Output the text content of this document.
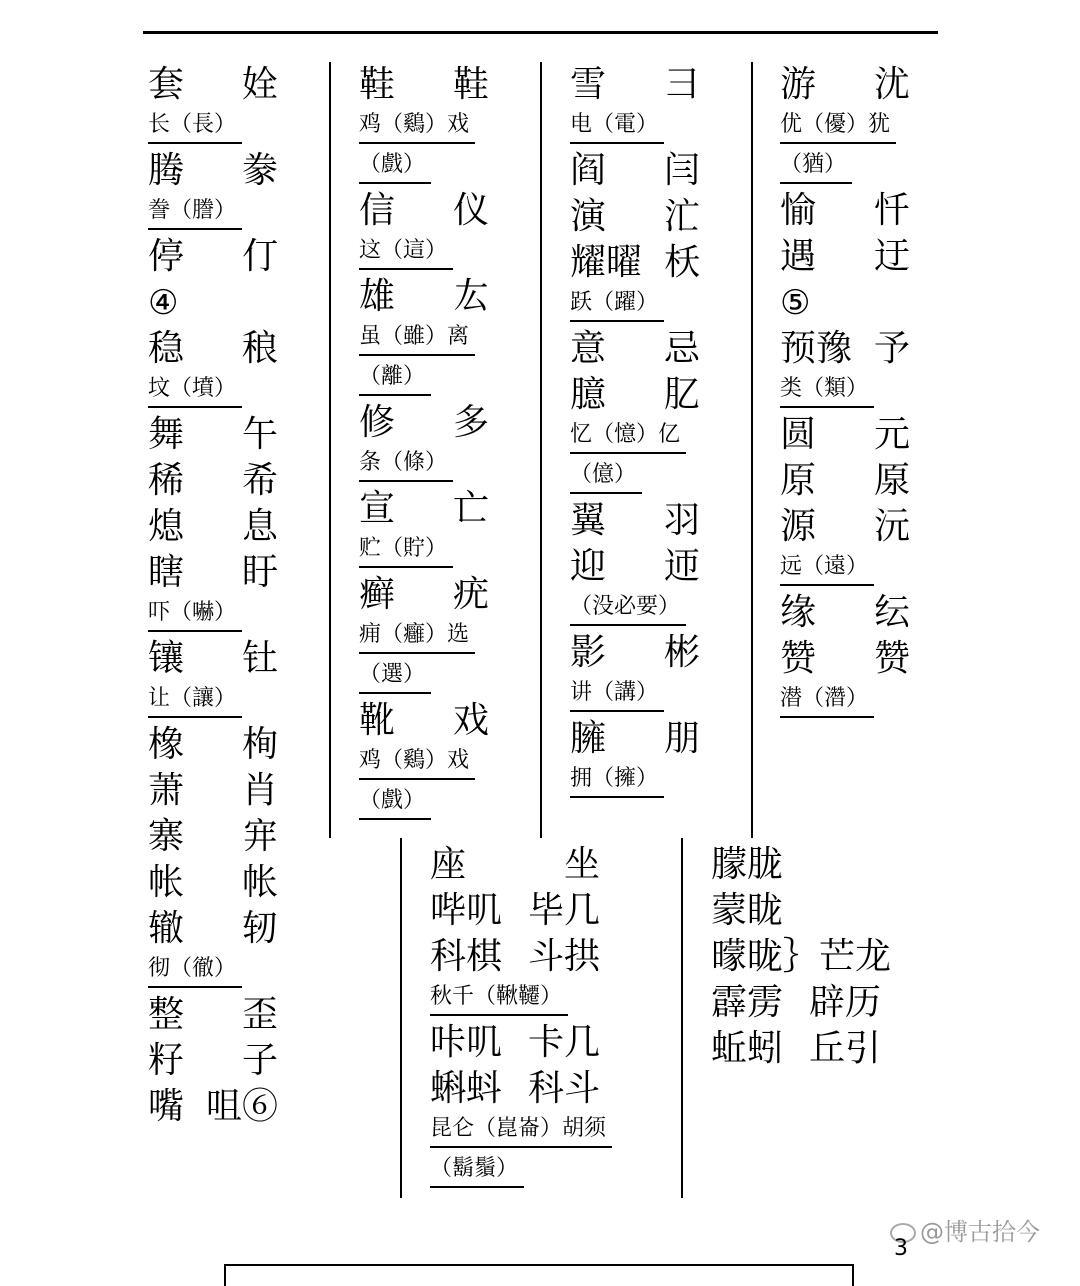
套 姾
长（長）
腾 豢
誊（謄）
停 仃
④
稳 稂
坟（墳）
舞 午
稀 希
熄 息
瞎 盱
吓（嚇）
镶 钍
让（讓）
橡 栒
萧 肖
寨 宑
帐 帐
辙 轫
彻（徹）
整 歪
籽 子
嘴 咀⑥
鞋 鞋
鸡（鷄）戏
（戲）
信 仪
这（這）
雄 厷
虽（雖）离
（離）
修 多
条（條）
宣 亡
贮（貯）
癣 疣
痈（癰）选
（選）
靴 戏
鸡（鷄）戏
（戲）
雪 彐
电（電）
阎 闫
演 汒
耀曜 枖
跃（躍）
意 忌
臆 肊
忆（憶）亿
（億）
翼 羽
迎 迊
（没必要）
影 彬
讲（講）
臃 朋
拥（擁）
游 沋
优（優）犹
（猶）
愉 忏
遇 迂
⑤
预豫 予
类（類）
圆 元
原 厡
源 沅
远（遠）
缘 纭
赞 赞
潜（濳）
座	坐
哔叽 毕几
科棋 斗拱
秋千（鞦韆）
咔叽 卡几
蝌蚪 科斗
昆仑（崑崙）胡须
（鬍鬚）
朦胧
蒙眬
曚昽｝ 芒龙
霹雳 辟历
蚯蚓 丘引
@博古拾今
3
